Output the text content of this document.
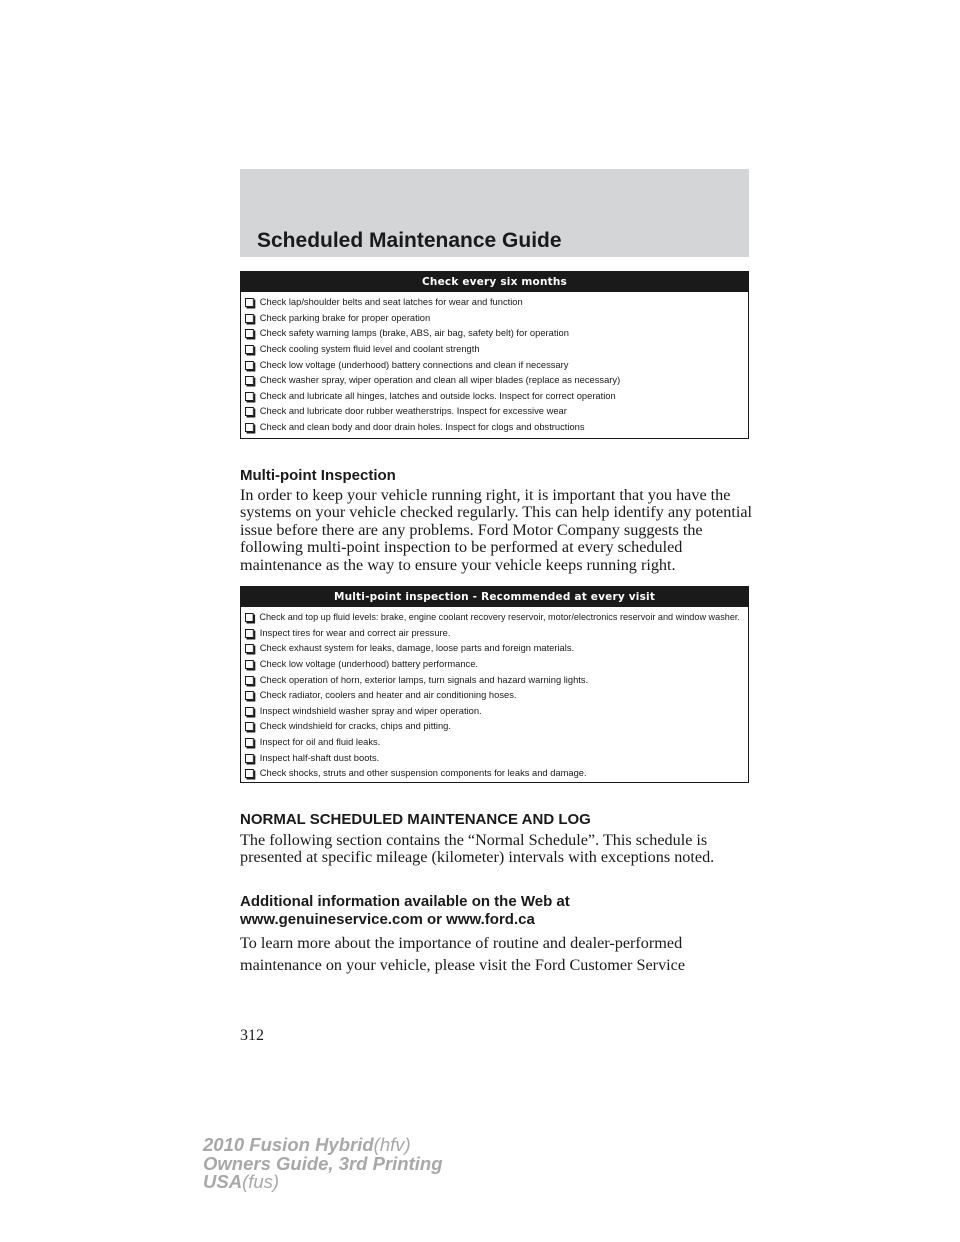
Scheduled Maintenance Guide
Check every six months
Check lap/shoulder belts and seat latches for wear and function
Check parking brake for proper operation
Check safety warning lamps (brake, ABS, air bag, safety belt) for operation
Check cooling system fluid level and coolant strength
Check low voltage (underhood) battery connections and clean if necessary
Check washer spray, wiper operation and clean all wiper blades (replace as necessary)
Check and lubricate all hinges, latches and outside locks. Inspect for correct operation
Check and lubricate door rubber weatherstrips. Inspect for excessive wear
Check and clean body and door drain holes. Inspect for clogs and obstructions
Multi-point Inspection

In order to keep your vehicle running right, it is important that you have the systems on your vehicle checked regularly. This can help identify any potential issue before there are any problems. Ford Motor Company suggests the following multi-point inspection to be performed at every scheduled maintenance as the way to ensure your vehicle keeps running right.

Multi-point inspection - Recommended at every visit
Check and top up fluid levels: brake, engine coolant recovery reservoir, motor/electronics reservoir and window washer.
Inspect tires for wear and correct air pressure.
Check exhaust system for leaks, damage, loose parts and foreign materials.
Check low voltage (underhood) battery performance.
Check operation of horn, exterior lamps, turn signals and hazard warning lights.
Check radiator, coolers and heater and air conditioning hoses.
Inspect windshield washer spray and wiper operation.
Check windshield for cracks, chips and pitting.
Inspect for oil and fluid leaks.
Inspect half-shaft dust boots.
Check shocks, struts and other suspension components for leaks and damage.
NORMAL SCHEDULED MAINTENANCE AND LOG

The following section contains the “Normal Schedule”. This schedule is presented at specific mileage (kilometer) intervals with exceptions noted.

Additional information available on the Web at
www.genuineservice.com or www.ford.ca

To learn more about the importance of routine and dealer-performed

maintenance on your vehicle, please visit the Ford Customer Service

312
2010 Fusion Hybrid(hfv)
Owners Guide, 3rd Printing
USA(fus)
